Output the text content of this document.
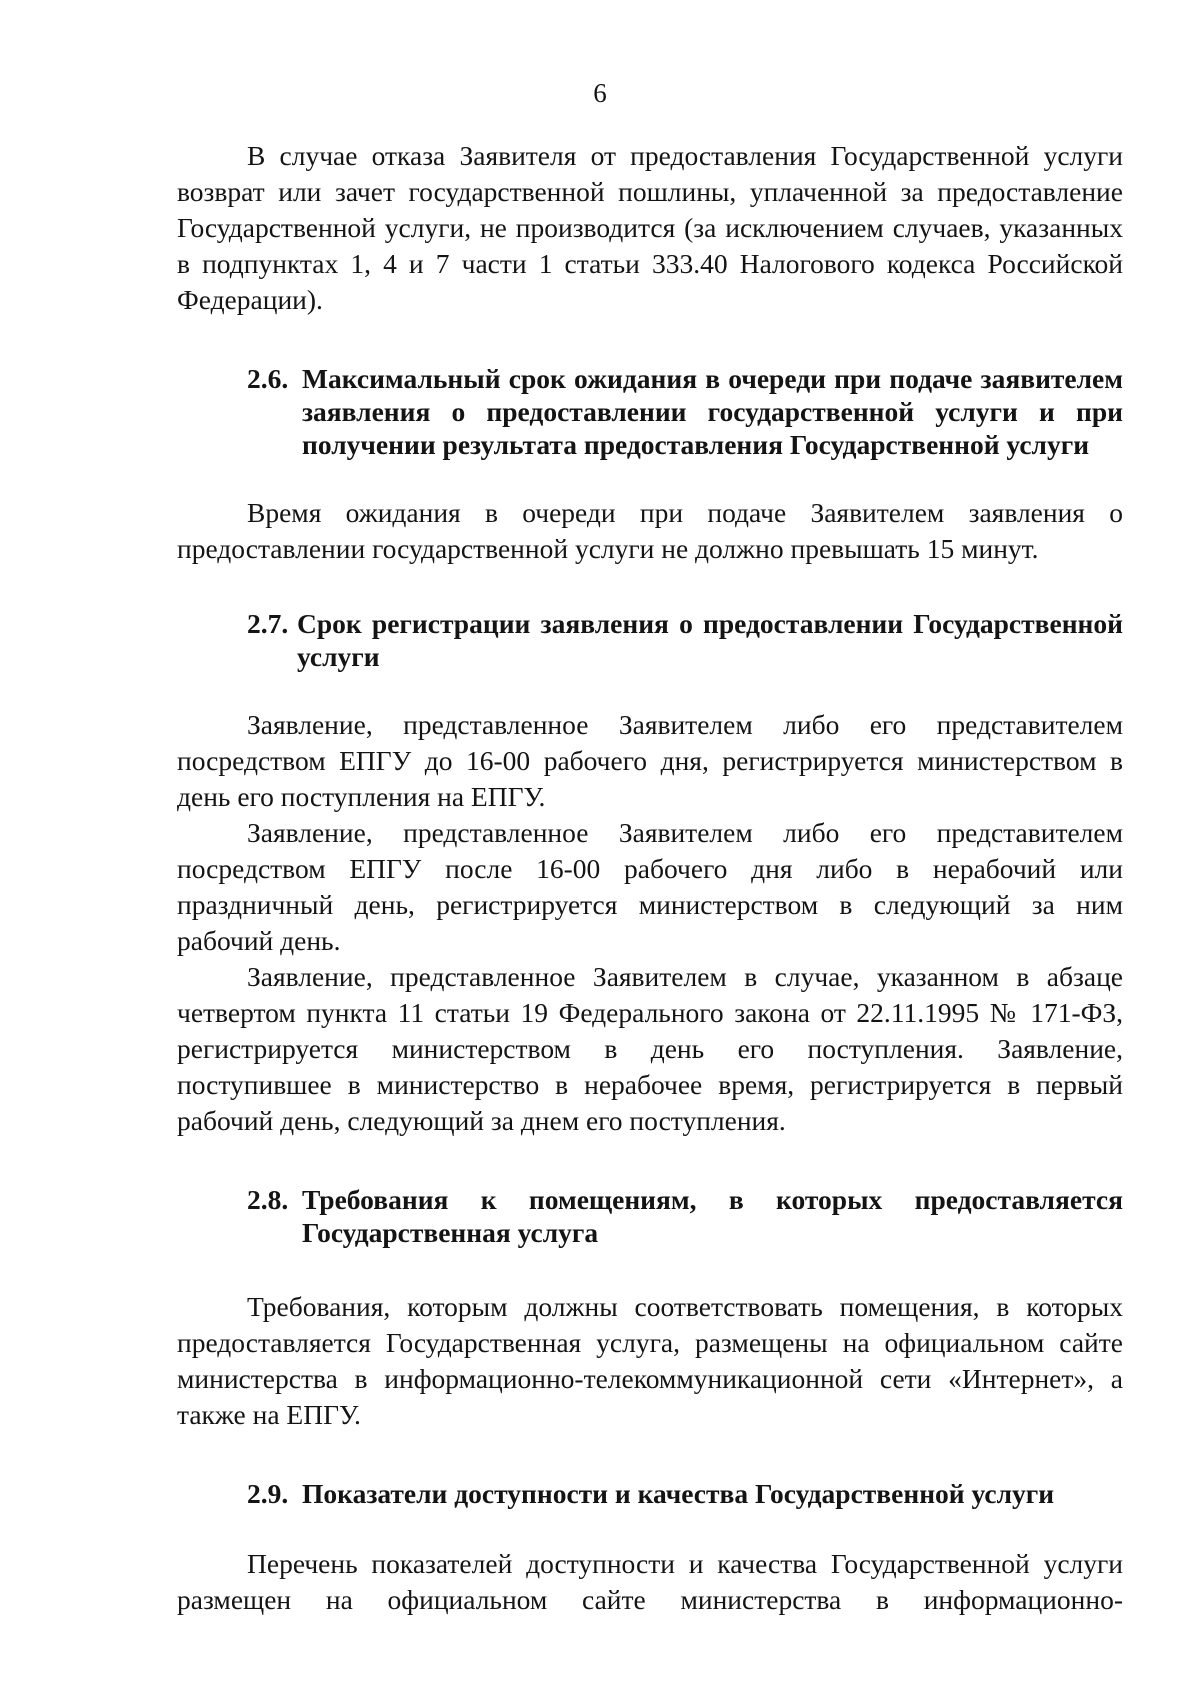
6

В случае отказа Заявителя от предоставления Государственной услуги возврат или зачет государственной пошлины, уплаченной за предоставление Государственной услуги, не производится (за исключением случаев, указанных в подпунктах 1, 4 и 7 части 1 статьи 333.40 Налогового кодекса Российской Федерации).

2.6. Максимальный срок ожидания в очереди при подаче заявителем заявления о предоставлении государственной услуги и при получении результата предоставления Государственной услуги

Время ожидания в очереди при подаче Заявителем заявления о предоставлении государственной услуги не должно превышать 15 минут.

2.7. Срок регистрации заявления о предоставлении Государственной услуги

Заявление, представленное Заявителем либо его представителем посредством ЕПГУ до 16-00 рабочего дня, регистрируется министерством в день его поступления на ЕПГУ.

Заявление, представленное Заявителем либо его представителем посредством ЕПГУ после 16-00 рабочего дня либо в нерабочий или праздничный день, регистрируется министерством в следующий за ним рабочий день.

Заявление, представленное Заявителем в случае, указанном в абзаце четвертом пункта 11 статьи 19 Федерального закона от 22.11.1995 № 171-ФЗ, регистрируется министерством в день его поступления. Заявление, поступившее в министерство в нерабочее время, регистрируется в первый рабочий день, следующий за днем его поступления.

2.8. Требования к помещениям, в которых предоставляется Государственная услуга

Требования, которым должны соответствовать помещения, в которых предоставляется Государственная услуга, размещены на официальном сайте министерства в информационно-телекоммуникационной сети «Интернет», а также на ЕПГУ.

2.9. Показатели доступности и качества Государственной услуги

Перечень показателей доступности и качества Государственной услуги размещен на официальном сайте министерства в информационно-
